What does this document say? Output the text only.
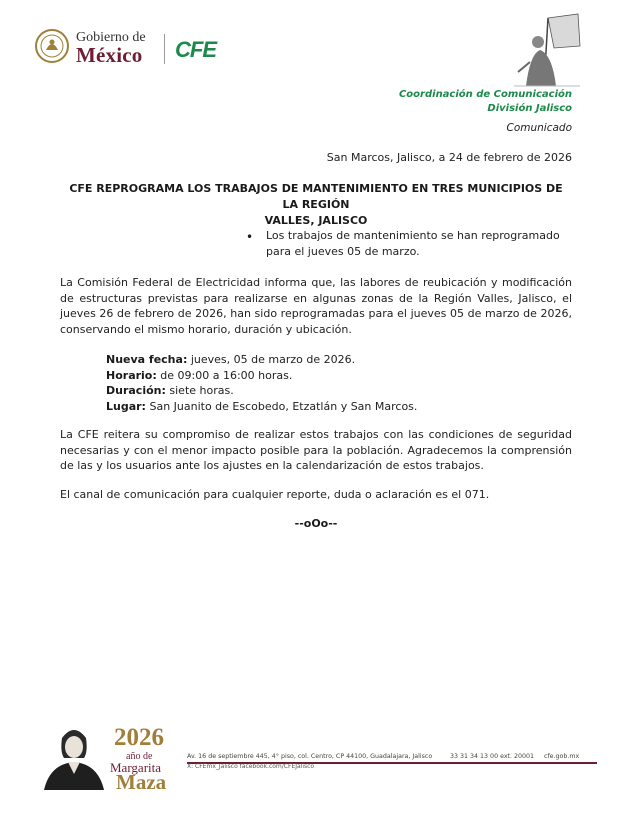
Gobierno de
México CFE
Coordinación de Comunicación
División Jalisco
Comunicado
San Marcos, Jalisco, a 24 de febrero de 2026
CFE REPROGRAMA LOS TRABAJOS DE MANTENIMIENTO EN TRES MUNICIPIOS DE LA REGIÓN
VALLES, JALISCO
• Los trabajos de mantenimiento se han reprogramado para el jueves 05 de marzo.
La Comisión Federal de Electricidad informa que, las labores de reubicación y modificación de estructuras previstas para realizarse en algunas zonas de la Región Valles, Jalisco, el jueves 26 de febrero de 2026, han sido reprogramadas para el jueves 05 de marzo de 2026, conservando el mismo horario, duración y ubicación.
Nueva fecha: jueves, 05 de marzo de 2026.
Horario: de 09:00 a 16:00 horas.
Duración: siete horas.
Lugar: San Juanito de Escobedo, Etzatlán y San Marcos.
La CFE reitera su compromiso de realizar estos trabajos con las condiciones de seguridad necesarias y con el menor impacto posible para la población. Agradecemos la comprensión de las y los usuarios ante los ajustes en la calendarización de estos trabajos.
El canal de comunicación para cualquier reporte, duda o aclaración es el 071.
--oOo--
2026
año de
Margarita
Maza
Av. 16 de septiembre 445, 4° piso, col. Centro, CP 44100, Guadalajara, Jalisco	33 31 34 13 00 ext. 20001 cfe.gob.mx
X: CFEmx_Jalisco facebook.com/CFEJalisco
